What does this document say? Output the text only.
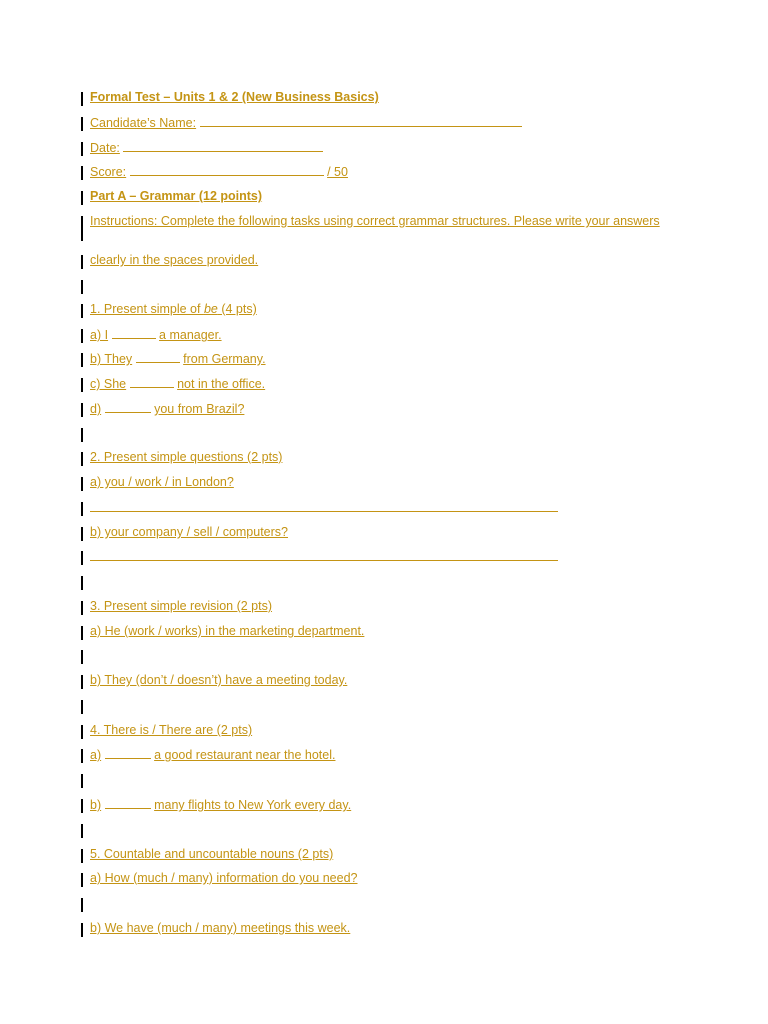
Formal Test – Units 1 & 2 (New Business Basics)
Candidate’s Name:
Date:
Score:	/ 50
Part A – Grammar (12 points)
Instructions: Complete the following tasks using correct grammar structures. Please write your answers
clearly in the spaces provided.
1. Present simple of be (4 pts)
a) I	a manager.
b) They	from Germany.
c) She	not in the office.
d)	you from Brazil?
2. Present simple questions (2 pts)
a) you / work / in London?
b) your company / sell / computers?
3. Present simple revision (2 pts)
a) He (work / works) in the marketing department.
b) They (don’t / doesn’t) have a meeting today.
4. There is / There are (2 pts)
a)	a good restaurant near the hotel.
b)	many flights to New York every day.
5. Countable and uncountable nouns (2 pts)
a) How (much / many) information do you need?
b) We have (much / many) meetings this week.
